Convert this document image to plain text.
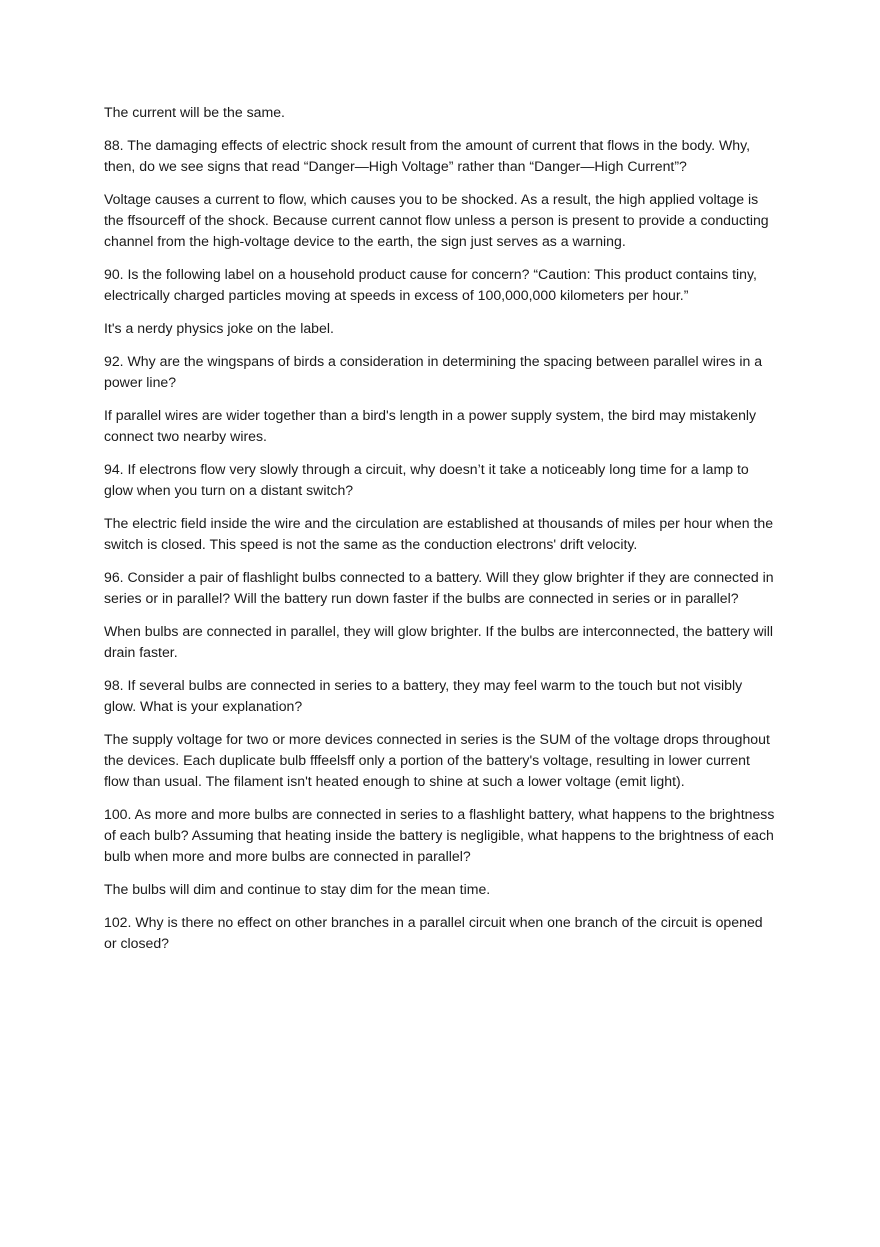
The current will be the same.

88. The damaging effects of electric shock result from the amount of current that flows in the body. Why, then, do we see signs that read “Danger—High Voltage” rather than “Danger—High Current”?

Voltage causes a current to flow, which causes you to be shocked. As a result, the high applied voltage is the ffsourceff of the shock. Because current cannot flow unless a person is present to provide a conducting channel from the high-voltage device to the earth, the sign just serves as a warning.

90. Is the following label on a household product cause for concern? “Caution: This product contains tiny, electrically charged particles moving at speeds in excess of 100,000,000 kilometers per hour.”

It's a nerdy physics joke on the label.

92. Why are the wingspans of birds a consideration in determining the spacing between parallel wires in a power line?

If parallel wires are wider together than a bird's length in a power supply system, the bird may mistakenly connect two nearby wires.

94. If electrons flow very slowly through a circuit, why doesn’t it take a noticeably long time for a lamp to glow when you turn on a distant switch?

The electric field inside the wire and the circulation are established at thousands of miles per hour when the switch is closed. This speed is not the same as the conduction electrons' drift velocity.

96. Consider a pair of flashlight bulbs connected to a battery. Will they glow brighter if they are connected in series or in parallel? Will the battery run down faster if the bulbs are connected in series or in parallel?

When bulbs are connected in parallel, they will glow brighter. If the bulbs are interconnected, the battery will drain faster.

98. If several bulbs are connected in series to a battery, they may feel warm to the touch but not visibly glow. What is your explanation?

The supply voltage for two or more devices connected in series is the SUM of the voltage drops throughout the devices. Each duplicate bulb fffeelsff only a portion of the battery's voltage, resulting in lower current flow than usual. The filament isn't heated enough to shine at such a lower voltage (emit light).

100. As more and more bulbs are connected in series to a flashlight battery, what happens to the brightness of each bulb? Assuming that heating inside the battery is negligible, what happens to the brightness of each bulb when more and more bulbs are connected in parallel?

The bulbs will dim and continue to stay dim for the mean time.

102. Why is there no effect on other branches in a parallel circuit when one branch of the circuit is opened or closed?
